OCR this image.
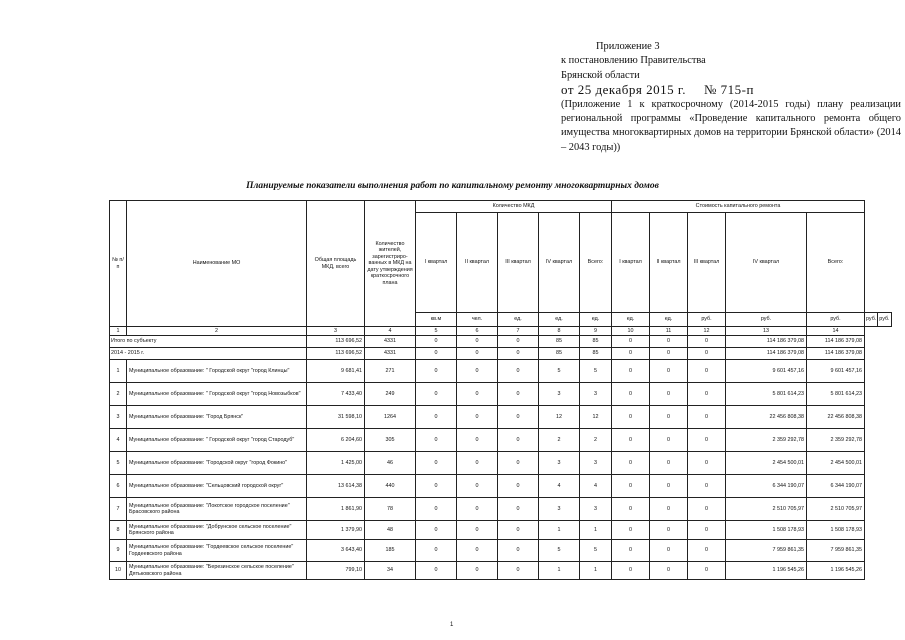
Приложение 3
к постановлению Правительства
Брянской области
от 25 декабря 2015 г. № 715-п
(Приложение 1 к краткосрочному (2014-2015 годы) плану реализации региональной программы «Проведение капитального ремонта общего имущества многоквартирных домов на территории Брянской области» (2014 – 2043 годы))
Планируемые показатели выполнения работ по капитальному ремонту многоквартирных домов
№ п/п	Наименование МО	Общая площадь МКД, всего	Количество жителей, зарегистриро-ванных в МКД на дату утверждения краткосрочного плана	Количество МКД					Стоимость капитального ремонта						
				I квартал	II квартал	III квартал	IV квартал	Всего:	I квартал	II квартал	III квартал	IV квартал	Всего:		
				кв.м	чел.	ед.	ед.	ед.	ед.	ед.	руб.	руб.	руб.	руб.	руб.
1	2	3	4	5	6	7	8	9	10	11	12	13	14		
Итого по субъекту		113 696,52	4331	0	0	0	85	85	0	0	0	114 186 379,08	114 186 379,08		
2014 - 2015 г.		113 696,52	4331	0	0	0	85	85	0	0	0	114 186 379,08	114 186 379,08		
1	Муниципальное образование: " Городской округ "город Клинцы"	9 681,41	271	0	0	0	5	5	0	0	0	9 601 457,16	9 601 457,16		
2	Муниципальное образование: " Городской округ "город Новозыбков"	7 433,40	249	0	0	0	3	3	0	0	0	5 801 614,23	5 801 614,23		
3	Муниципальное образование: "Город Брянск"	31 598,10	1264	0	0	0	12	12	0	0	0	22 456 808,38	22 456 808,38		
4	Муниципальное образование: " Городской округ "город Стародуб"	6 204,60	305	0	0	0	2	2	0	0	0	2 359 292,78	2 359 292,78		
5	Муниципальное образование: "Городской округ "город Фокино"	1 425,00	46	0	0	0	3	3	0	0	0	2 454 500,01	2 454 500,01		
6	Муниципальное образование: "Сельцовский городской округ"	13 614,38	440	0	0	0	4	4	0	0	0	6 344 190,07	6 344 190,07		
7	Муниципальное образование: "Локотское городское поселение" Брасовского района	1 861,90	78	0	0	0	3	3	0	0	0	2 510 705,97	2 510 705,97		
8	Муниципальное образование: "Добрунское сельское поселение" Брянского района	1 379,90	48	0	0	0	1	1	0	0	0	1 508 178,93	1 508 178,93		
9	Муниципальное образование: "Гордеевское сельское поселение" Гордеевского района	3 643,40	185	0	0	0	5	5	0	0	0	7 959 861,35	7 959 861,35		
10	Муниципальное образование: "Березинское сельское поселение" Дятьковского района	799,10	34	0	0	0	1	1	0	0	0	1 196 545,26	1 196 545,26		
1
